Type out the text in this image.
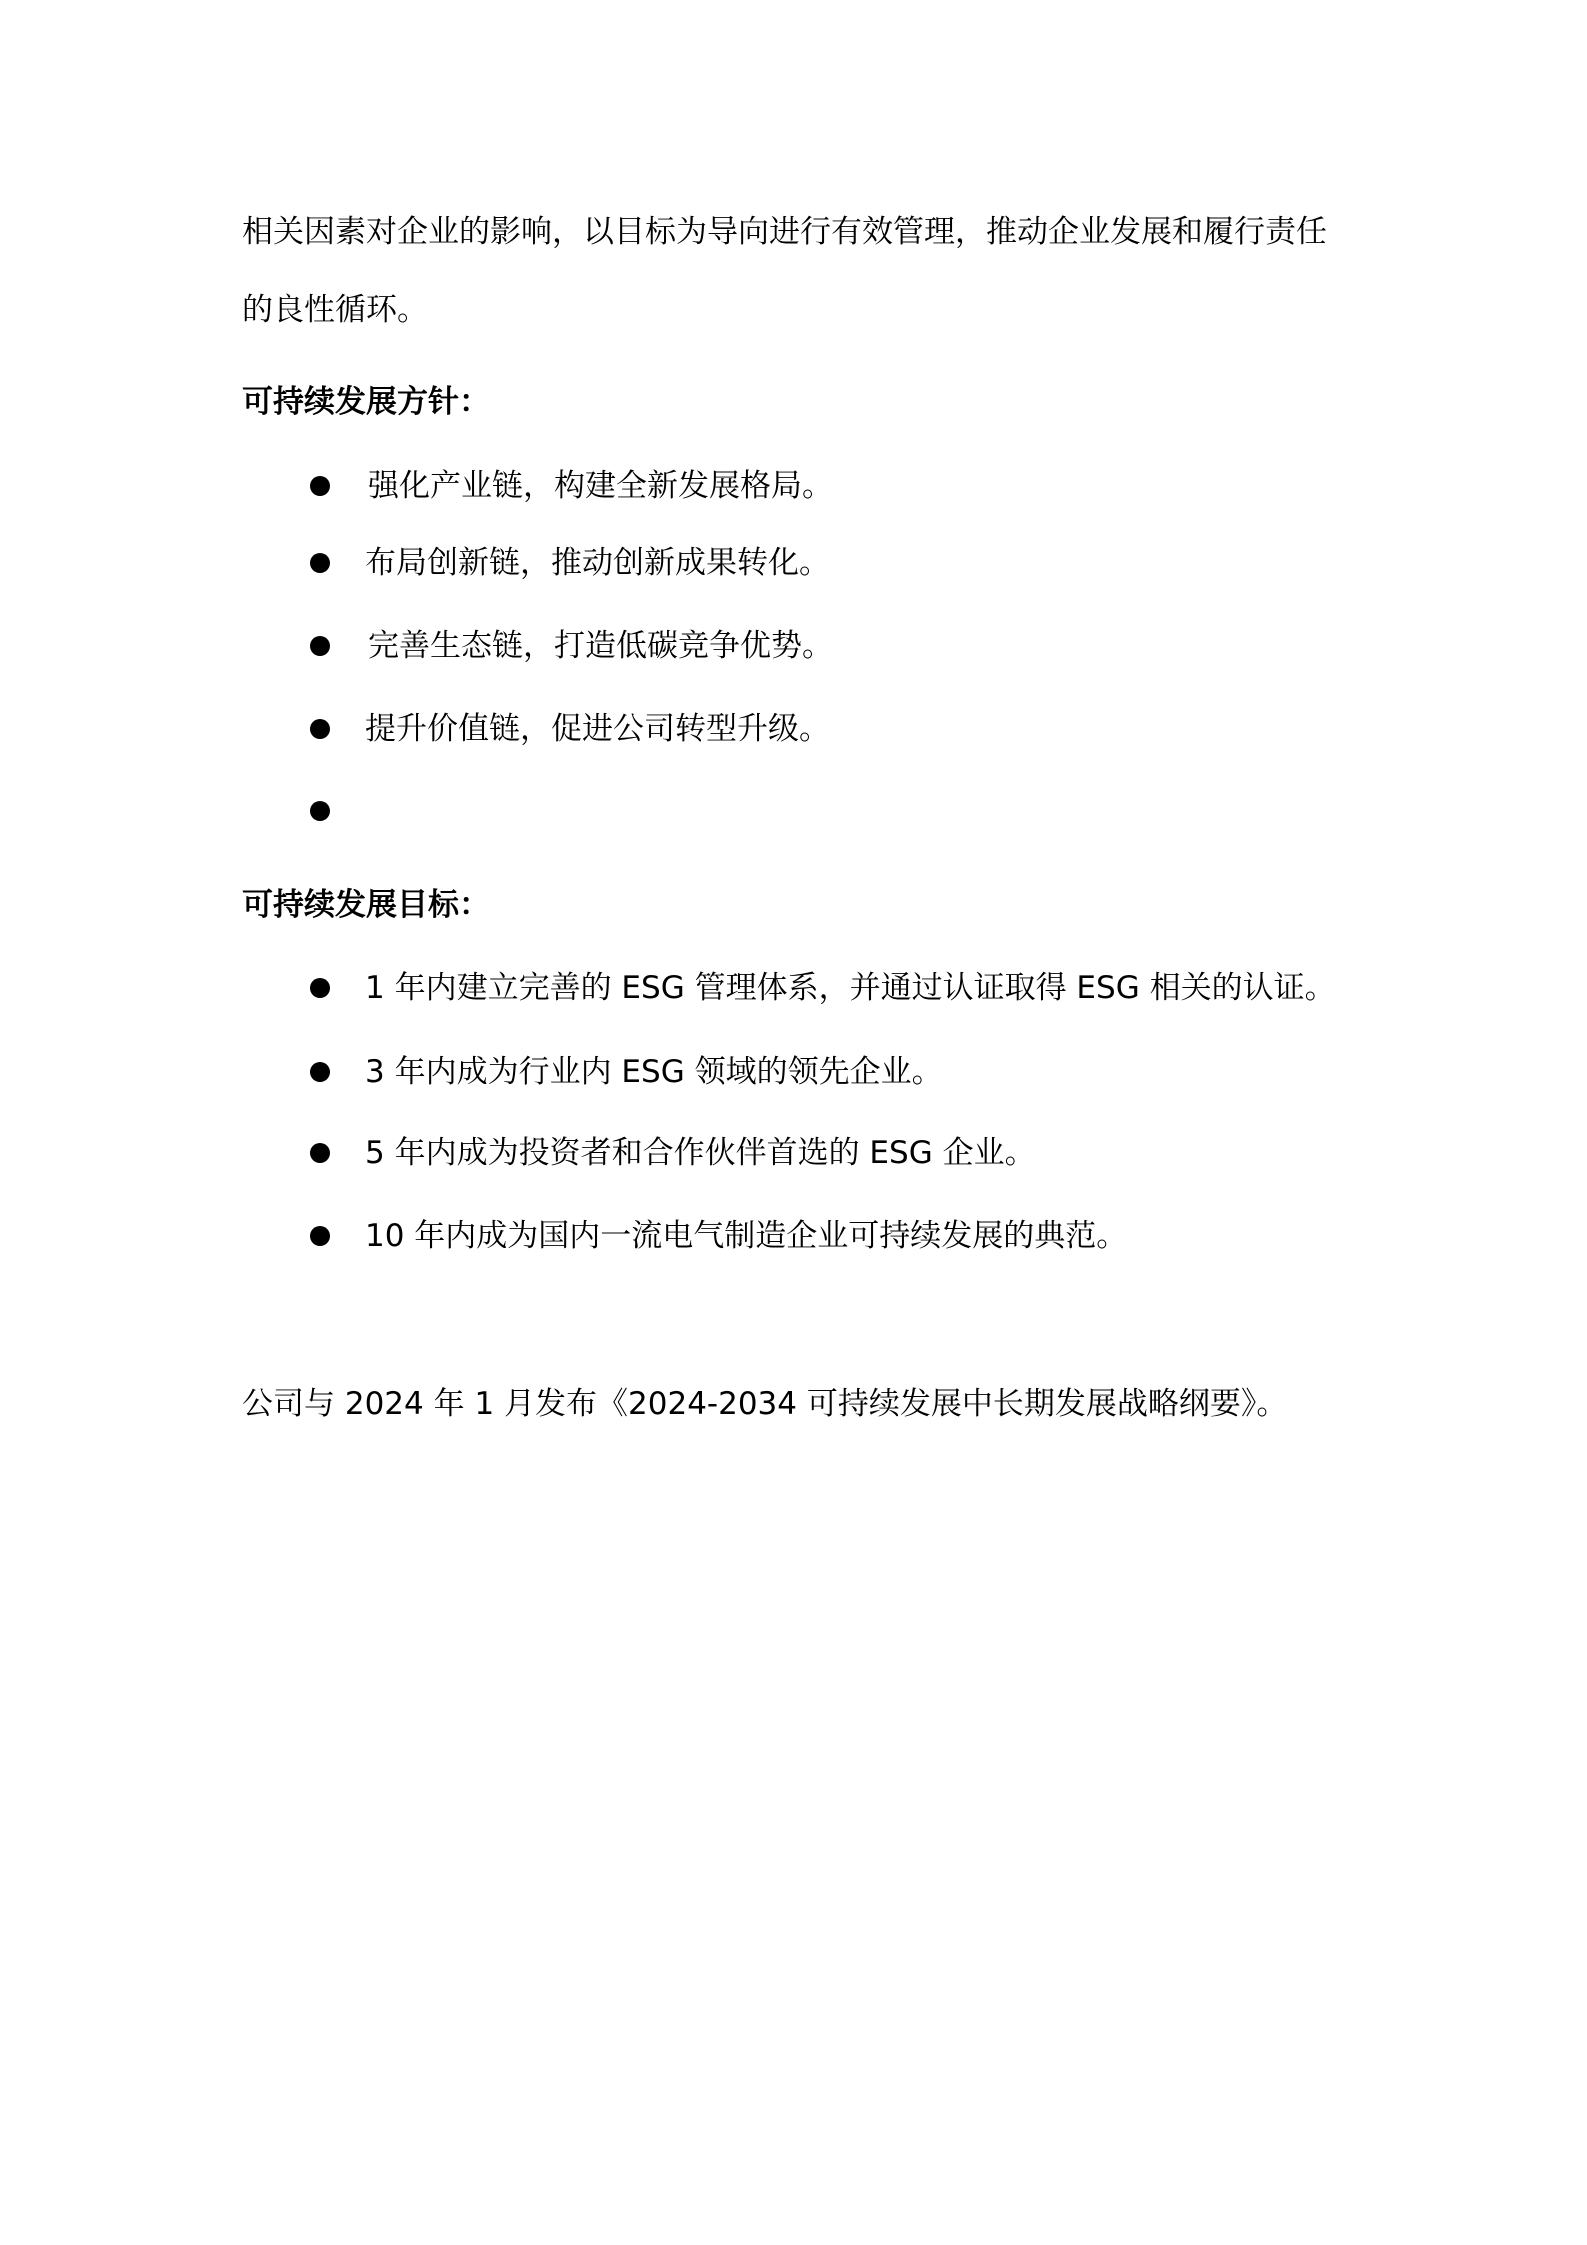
相关因素对企业的影响，以目标为导向进行有效管理，推动企业发展和履行责任
的良性循环。
可持续发展方针：
强化产业链，构建全新发展格局。
布局创新链，推动创新成果转化。
完善生态链，打造低碳竞争优势。
提升价值链，促进公司转型升级。
可持续发展目标：
1 年内建立完善的 ESG 管理体系，并通过认证取得 ESG 相关的认证。
3 年内成为行业内 ESG 领域的领先企业。
5 年内成为投资者和合作伙伴首选的 ESG 企业。
10 年内成为国内一流电气制造企业可持续发展的典范。
公司与 2024 年 1 月发布《2024-2034 可持续发展中长期发展战略纲要》。
